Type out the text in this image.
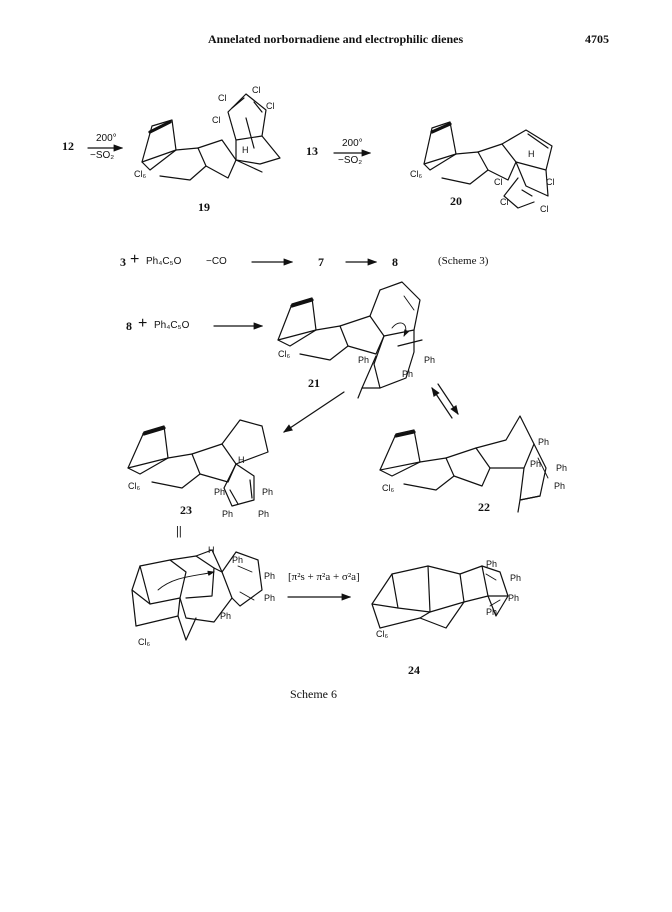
Annelated norbornadiene and electrophilic dienes	4705
12
200°
−SO₂
Cl₆
H
Cl
Cl
Cl
Cl
19
13
200°
−SO₂
Cl₆
H
Cl	Cl
Cl
Cl
20
3 + Ph₄C₅O −CO	7	8	(Scheme 3)
8 + Ph₄C₅O
Cl₆
Ph	Ph
Ph
21
Cl₆
H
Ph	Ph
Ph	Ph
23
Cl₆
Ph
Ph Ph
Ph
22
||
H
Ph
Ph
Ph
Ph
Cl₆
[π²s + π²a + σ²a]
Ph
Ph
Ph
Ph
Cl₆
24
Scheme 6
